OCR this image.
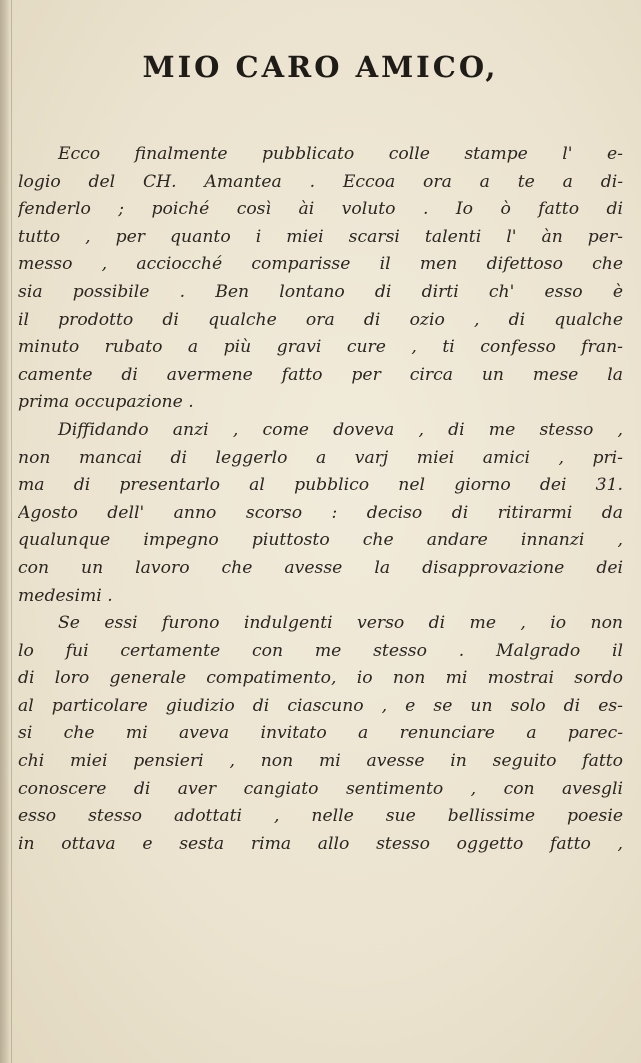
MIO CARO AMICO,
Ecco finalmente pubblicato colle stampe l' e-
logio del CH. Amantea . Eccoa ora a te a di-
fenderlo ; poiché così ài voluto . Io ò fatto di
tutto , per quanto i miei scarsi talenti l' àn per-
messo , acciocché comparisse il men difettoso che
sia possibile . Ben lontano di dirti ch' esso è
il prodotto di qualche ora di ozio , di qualche
minuto rubato a più gravi cure , ti confesso fran-
camente di avermene fatto per circa un mese la
prima occupazione .
Diffidando anzi , come doveva , di me stesso ,
non mancai di leggerlo a varj miei amici , pri-
ma di presentarlo al pubblico nel giorno dei 31.
Agosto dell' anno scorso : deciso di ritirarmi da
qualunque impegno piuttosto che andare innanzi ,
con un lavoro che avesse la disapprovazione dei
medesimi .
Se essi furono indulgenti verso di me , io non
lo fui certamente con me stesso . Malgrado il
di loro generale compatimento, io non mi mostrai sordo
al particolare giudizio di ciascuno , e se un solo di es-
si che mi aveva invitato a renunciare a parec-
chi miei pensieri , non mi avesse in seguito fatto
conoscere di aver cangiato sentimento , con avesgli
esso stesso adottati , nelle sue bellissime poesie
in ottava e sesta rima allo stesso oggetto fatto ,
